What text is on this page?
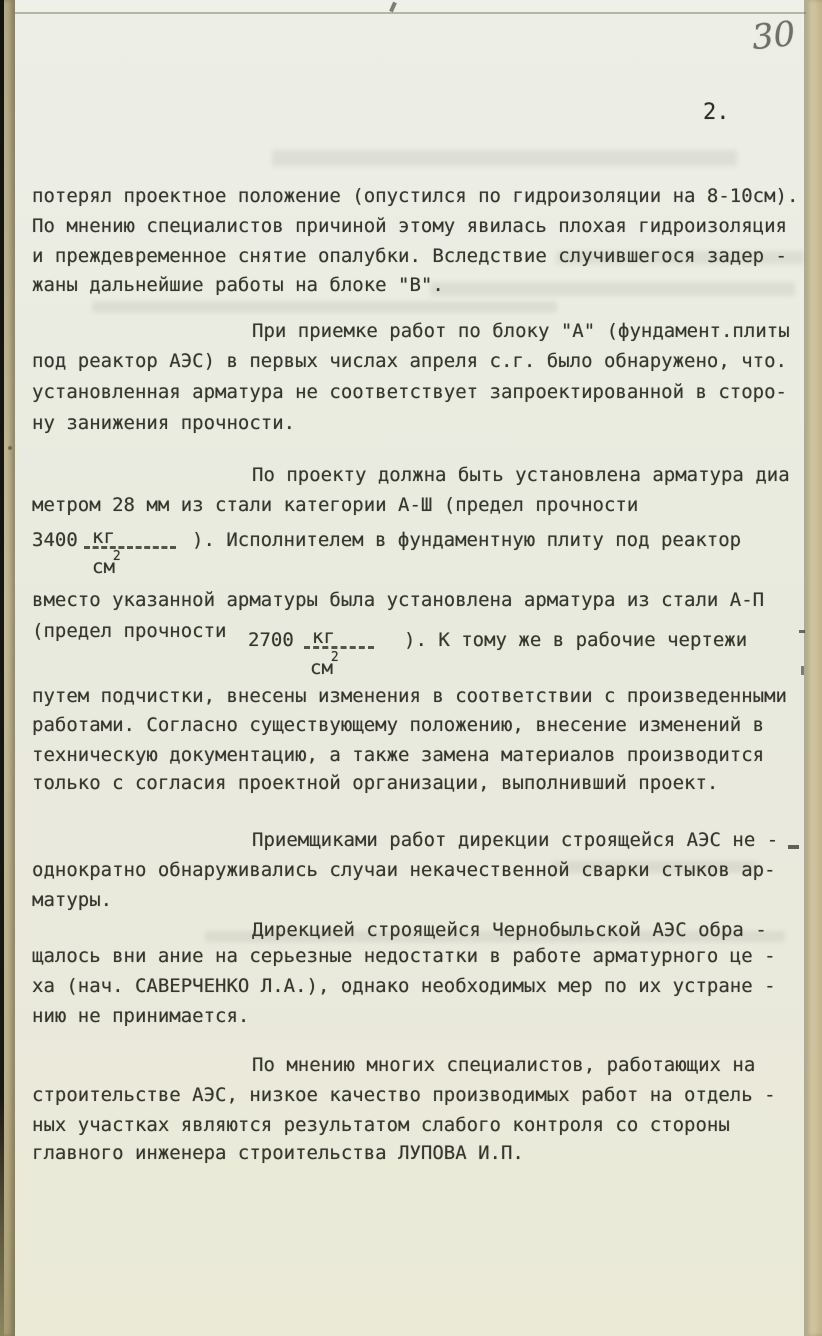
30
2.
потерял проектное положение (опустился по гидроизоляции на 8-10см).
По мнению специалистов причиной этому явилась плохая гидроизоляция
и преждевременное снятие опалубки. Вследствие случившегося задер -
жаны дальнейшие работы на блоке "В".
При приемке работ по блоку "А" (фундамент.плиты
под реактор АЭС) в первых числах апреля с.г. было обнаружено, что.
установленная арматура не соответствует запроектированной в сторо-
ну занижения прочности.
По проекту должна быть установлена арматура диа
метром 28 мм из стали категории А-Ш (предел прочности
3400 кг
$см^2$
). Исполнителем в фундаментную плиту под реактор
вместо указанной арматуры была установлена арматура из стали А-П
(предел прочности 2700 кг
$см^2$
). К тому же в рабочие чертежи
путем подчистки, внесены изменения в соответствии с произведенными
работами. Согласно существующему положению, внесение изменений в
техническую документацию, а также замена материалов производится
только с согласия проектной организации, выполнивший проект.
Приемщиками работ дирекции строящейся АЭС не -
однократно обнаруживались случаи некачественной сварки стыков ар-
матуры.
Дирекцией строящейся Чернобыльской АЭС обра -
щалось вни ание на серьезные недостатки в работе арматурного це -
ха (нач. САВЕРЧЕНКО Л.А.), однако необходимых мер по их устране -
нию не принимается.
По мнению многих специалистов, работающих на
строительстве АЭС, низкое качество производимых работ на отдель -
ных участках являются результатом слабого контроля со стороны
главного инженера строительства ЛУПОВА И.П.
